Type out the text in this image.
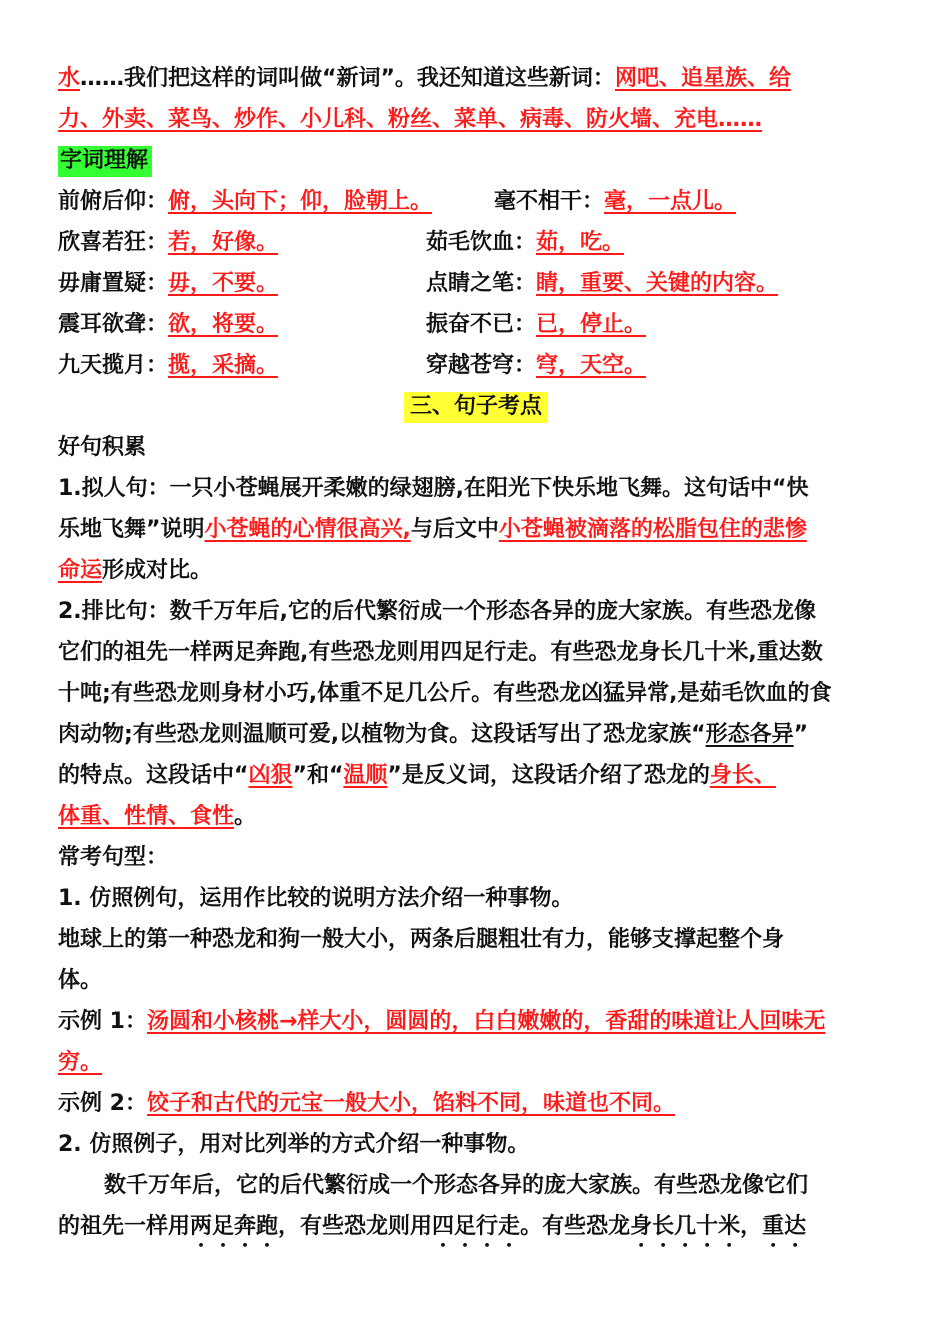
水……我们把这样的词叫做“新词”。我还知道这些新词：网吧、追星族、给
力、外卖、菜鸟、炒作、小儿科、粉丝、菜单、病毒、防火墙、充电……
字词理解
前俯后仰：俯，头向下；仰，脸朝上。	毫不相干：毫，一点儿。
欣喜若狂：若，好像。	茹毛饮血：茹，吃。
毋庸置疑：毋，不要。	点睛之笔：睛，重要、关键的内容。
震耳欲聋：欲，将要。	振奋不已：已，停止。
九天揽月：揽，采摘。	穿越苍穹：穹，天空。
三、句子考点
好句积累
1.拟人句：一只小苍蝇展开柔嫩的绿翅膀,在阳光下快乐地飞舞。这句话中“快
乐地飞舞”说明小苍蝇的心情很高兴,与后文中小苍蝇被滴落的松脂包住的悲惨
命运形成对比。
2.排比句：数千万年后,它的后代繁衍成一个形态各异的庞大家族。有些恐龙像
它们的祖先一样两足奔跑,有些恐龙则用四足行走。有些恐龙身长几十米,重达数
十吨;有些恐龙则身材小巧,体重不足几公斤。有些恐龙凶猛异常,是茹毛饮血的食
肉动物;有些恐龙则温顺可爱,以植物为食。这段话写出了恐龙家族“形态各异”
的特点。这段话中“凶狠”和“温顺”是反义词，这段话介绍了恐龙的身长、
体重、性情、食性。
常考句型：
1. 仿照例句，运用作比较的说明方法介绍一种事物。
地球上的第一种恐龙和狗一般大小，两条后腿粗壮有力，能够支撑起整个身
体。
示例 1：汤圆和小核桃→样大小，圆圆的，白白嫩嫩的，香甜的味道让人回味无
穷。
示例 2：饺子和古代的元宝一般大小，馅料不同，味道也不同。
2. 仿照例子，用对比列举的方式介绍一种事物。
数千万年后，它的后代繁衍成一个形态各异的庞大家族。有些恐龙像它们
的祖先一样用两足奔跑，有些恐龙则用四足行走。有些恐龙身长几十米，重达
